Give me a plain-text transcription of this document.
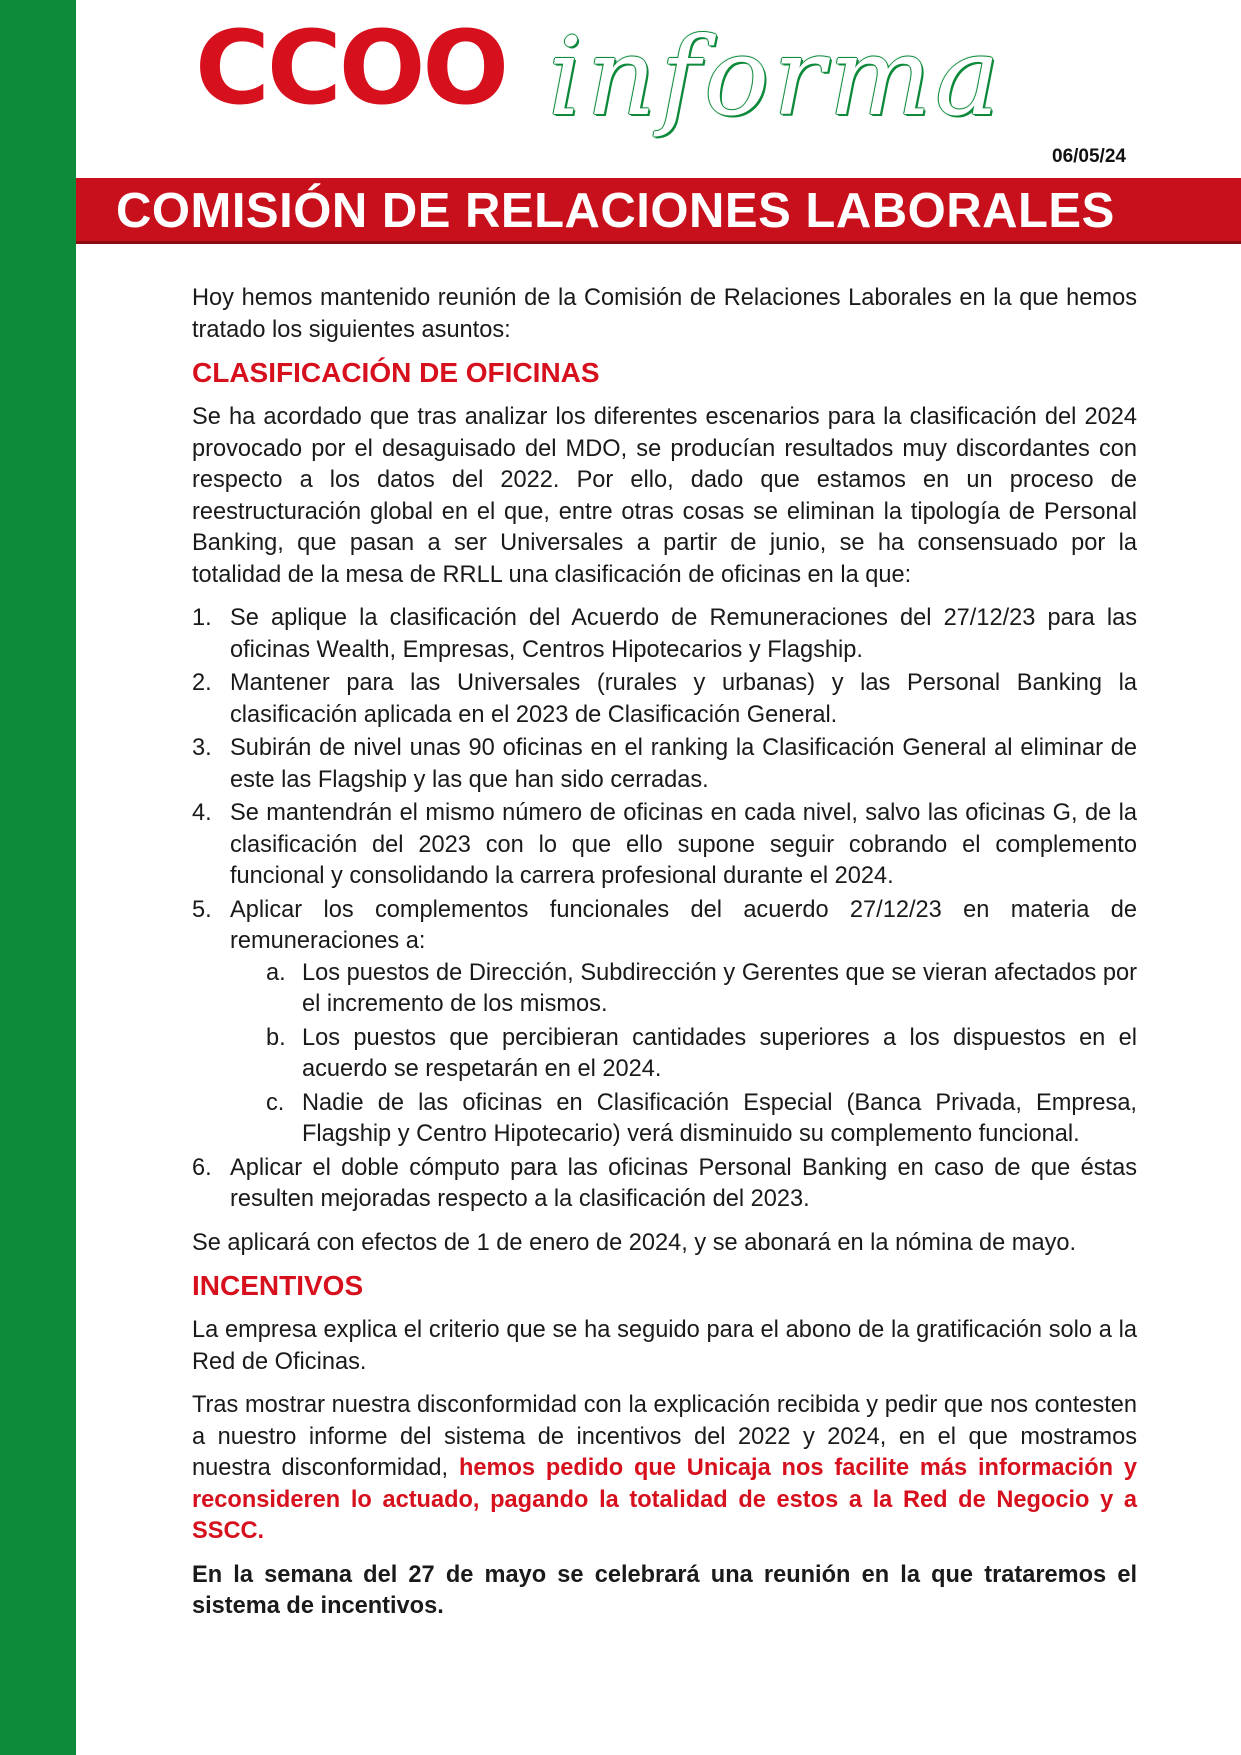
CCOO informa
06/05/24
COMISIÓN DE RELACIONES LABORALES

Hoy hemos mantenido reunión de la Comisión de Relaciones Laborales en la que hemos tratado los siguientes asuntos:

CLASIFICACIÓN DE OFICINAS

Se ha acordado que tras analizar los diferentes escenarios para la clasificación del 2024 provocado por el desaguisado del MDO, se producían resultados muy discordantes con respecto a los datos del 2022. Por ello, dado que estamos en un proceso de reestructuración global en el que, entre otras cosas se eliminan la tipología de Personal Banking, que pasan a ser Universales a partir de junio, se ha consensuado por la totalidad de la mesa de RRLL una clasificación de oficinas en la que:

1. Se aplique la clasificación del Acuerdo de Remuneraciones del 27/12/23 para las oficinas Wealth, Empresas, Centros Hipotecarios y Flagship.
2. Mantener para las Universales (rurales y urbanas) y las Personal Banking la clasificación aplicada en el 2023 de Clasificación General.
3. Subirán de nivel unas 90 oficinas en el ranking la Clasificación General al eliminar de este las Flagship y las que han sido cerradas.
4. Se mantendrán el mismo número de oficinas en cada nivel, salvo las oficinas G, de la clasificación del 2023 con lo que ello supone seguir cobrando el complemento funcional y consolidando la carrera profesional durante el 2024.
5. Aplicar los complementos funcionales del acuerdo 27/12/23 en materia de remuneraciones a:
a. Los puestos de Dirección, Subdirección y Gerentes que se vieran afectados por el incremento de los mismos.
b. Los puestos que percibieran cantidades superiores a los dispuestos en el acuerdo se respetarán en el 2024.
c. Nadie de las oficinas en Clasificación Especial (Banca Privada, Empresa, Flagship y Centro Hipotecario) verá disminuido su complemento funcional.
6. Aplicar el doble cómputo para las oficinas Personal Banking en caso de que éstas resulten mejoradas respecto a la clasificación del 2023.

Se aplicará con efectos de 1 de enero de 2024, y se abonará en la nómina de mayo.

INCENTIVOS

La empresa explica el criterio que se ha seguido para el abono de la gratificación solo a la Red de Oficinas.

Tras mostrar nuestra disconformidad con la explicación recibida y pedir que nos contesten a nuestro informe del sistema de incentivos del 2022 y 2024, en el que mostramos nuestra disconformidad, hemos pedido que Unicaja nos facilite más información y reconsideren lo actuado, pagando la totalidad de estos a la Red de Negocio y a SSCC.

En la semana del 27 de mayo se celebrará una reunión en la que trataremos el sistema de incentivos.
